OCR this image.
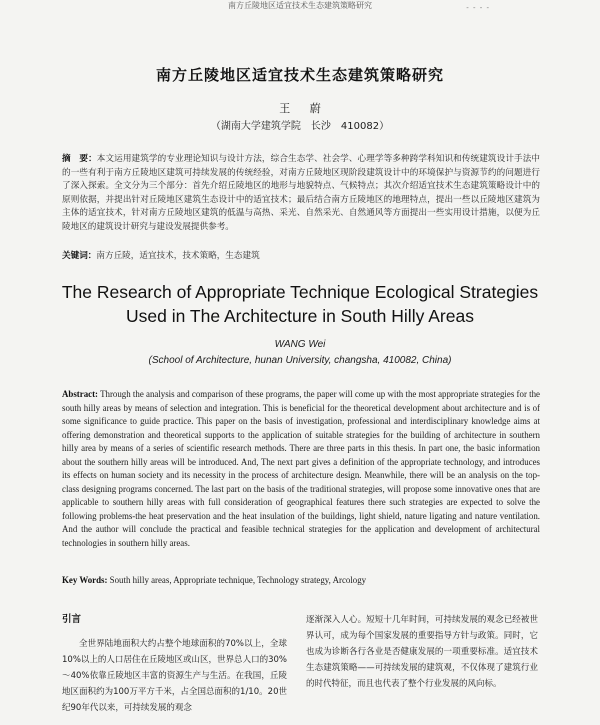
南方丘陵地区适宜技术生态建筑策略研究	- - - -
南方丘陵地区适宜技术生态建筑策略研究
王 蔚
（湖南大学建筑学院　长沙　410082）
摘　要：本文运用建筑学的专业理论知识与设计方法，综合生态学、社会学、心理学等多种跨学科知识和传统建筑设计手法中的一些有利于南方丘陵地区建筑可持续发展的传统经验，对南方丘陵地区现阶段建筑设计中的环境保护与资源节约的问题进行了深入探索。全文分为三个部分：首先介绍丘陵地区的地形与地貌特点、气候特点；其次介绍适宜技术生态建筑策略设计中的原则依据，并提出针对丘陵地区建筑生态设计中的适宜技术；最后结合南方丘陵地区的地理特点，提出一些以丘陵地区建筑为主体的适宜技术，针对南方丘陵地区建筑的低温与高热、采光、自然采光、自然通风等方面提出一些实用设计措施，以便为丘陵地区的建筑设计研究与建设发展提供参考。
关键词：南方丘陵，适宜技术，技术策略，生态建筑
The Research of Appropriate Technique Ecological Strategies
Used in The Architecture in South Hilly Areas
WANG Wei
(School of Architecture, hunan University, changsha, 410082, China)
Abstract: Through the analysis and comparison of these programs, the paper will come up with the most appropriate strategies for the south hilly areas by means of selection and integration. This is beneficial for the theoretical development about architecture and is of some significance to guide practice. This paper on the basis of investigation, professional and interdisciplinary knowledge aims at offering demonstration and theoretical supports to the application of suitable strategies for the building of architecture in southern hilly area by means of a series of scientific research methods. There are three parts in this thesis. In part one, the basic information about the southern hilly areas will be introduced. And, The next part gives a definition of the appropriate technology, and introduces its effects on human society and its necessity in the process of architecture design. Meanwhile, there will be an analysis on the top-class designing programs concerned. The last part on the basis of the traditional strategies, will propose some innovative ones that are applicable to southern hilly areas with full consideration of geographical features there such strategies are expected to solve the following problems-the heat preservation and the heat insulation of the buildings, light shield, nature ligating and nature ventilation. And the author will conclude the practical and feasible technical strategies for the application and development of architectural technologies in southern hilly areas.
Key Words: South hilly areas, Appropriate technique, Technology strategy, Arcology
引言

全世界陆地面积大约占整个地球面积的70%以上，全球10%以上的人口居住在丘陵地区或山区，世界总人口的30%～40%依靠丘陵地区丰富的资源生产与生活。在我国，丘陵地区面积约为100万平方千米，占全国总面积的1/10。20世纪90年代以来，可持续发展的观念

逐渐深入人心。短短十几年时间，可持续发展的观念已经被世界认可，成为每个国家发展的重要指导方针与政策。同时，它也成为诊断各行各业是否健康发展的一项重要标准。适宜技术生态建筑策略——可持续发展的建筑观，不仅体现了建筑行业的时代特征，而且也代表了整个行业发展的风向标。
